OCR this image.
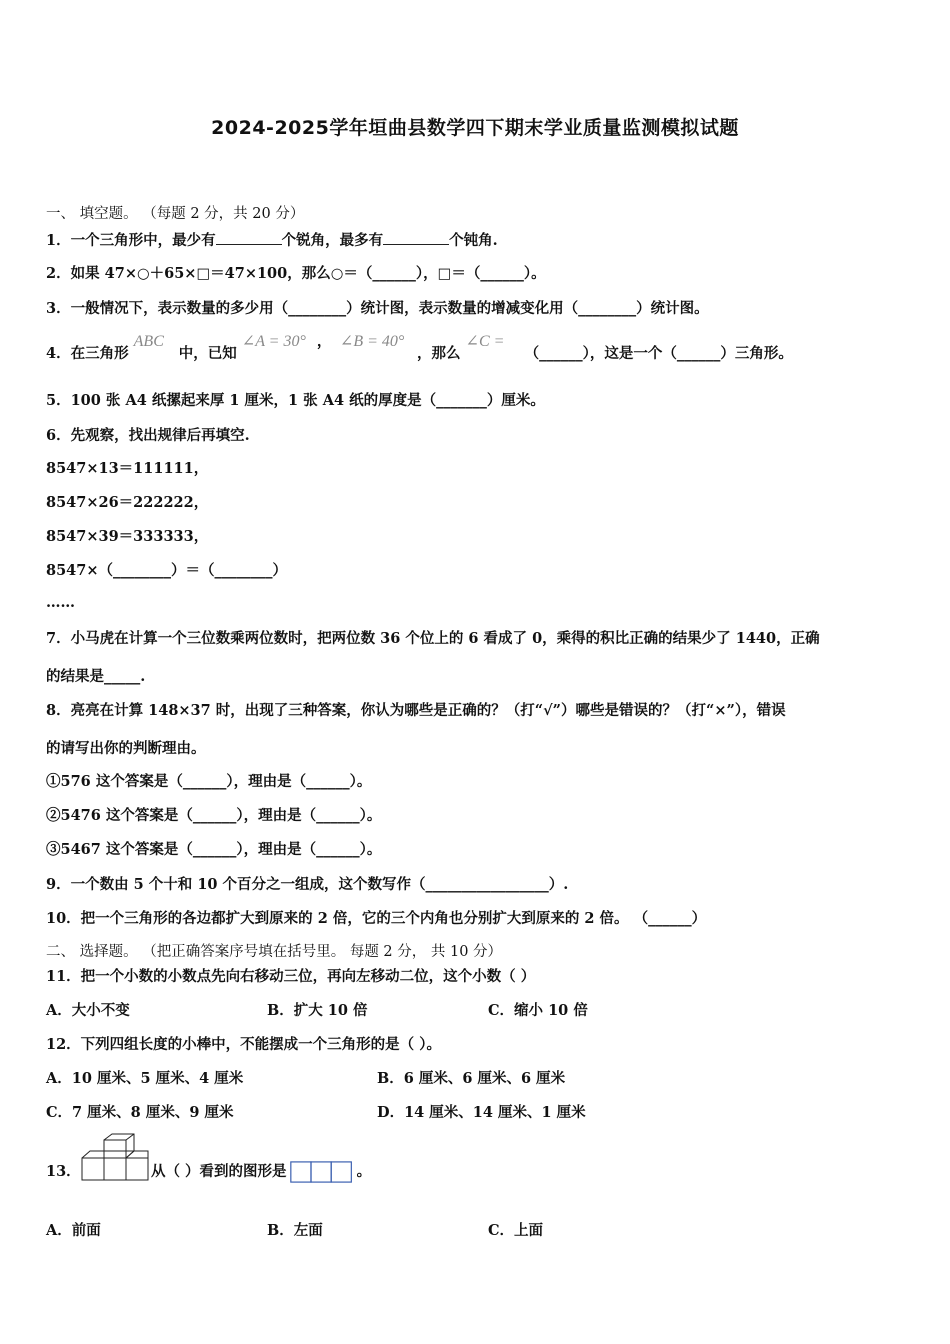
2024-2025学年垣曲县数学四下期末学业质量监测模拟试题
一、 填空题。 （每题 2 分，共 20 分）
1．一个三角形中，最少有	个锐角，最多有	个钝角.
2．如果 47×○＋65×□＝47×100，那么○＝（______），□＝（______）。
3．一般情况下，表示数量的多少用（________）统计图，表示数量的增减变化用（________）统计图。
4．在三角形 ABC 中，已知 ∠A = 30° ， ∠B = 40° ，那么 ∠C = （______），这是一个（______）三角形。
5．100 张 A4 纸摞起来厚 1 厘米，1 张 A4 纸的厚度是（_______）厘米。
6．先观察，找出规律后再填空.
8547×13＝111111，
8547×26＝222222，
8547×39＝333333，
8547×（________）＝（________）
……
7．小马虎在计算一个三位数乘两位数时，把两位数 36 个位上的 6 看成了 0，乘得的积比正确的结果少了 1440，正确
的结果是_____.
8．亮亮在计算 148×37 时，出现了三种答案，你认为哪些是正确的？（打“√”）哪些是错误的？（打“×”），错误
的请写出你的判断理由。
①576 这个答案是（______），理由是（______）。
②5476 这个答案是（______），理由是（______）。
③5467 这个答案是（______），理由是（______）。
9．一个数由 5 个十和 10 个百分之一组成，这个数写作（_________________）.
10．把一个三角形的各边都扩大到原来的 2 倍，它的三个内角也分别扩大到原来的 2 倍。 （______）
二、 选择题。 （把正确答案序号填在括号里。 每题 2 分， 共 10 分）
11．把一个小数的小数点先向右移动三位，再向左移动二位，这个小数（ ）
A．大小不变	B．扩大 10 倍	C．缩小 10 倍
12．下列四组长度的小棒中，不能摆成一个三角形的是（ ）。
A．10 厘米、5 厘米、4 厘米	B．6 厘米、6 厘米、6 厘米
C．7 厘米、8 厘米、9 厘米	D．14 厘米、14 厘米、1 厘米
13．	从（ ）看到的图形是	。
A．前面	B．左面	C．上面
